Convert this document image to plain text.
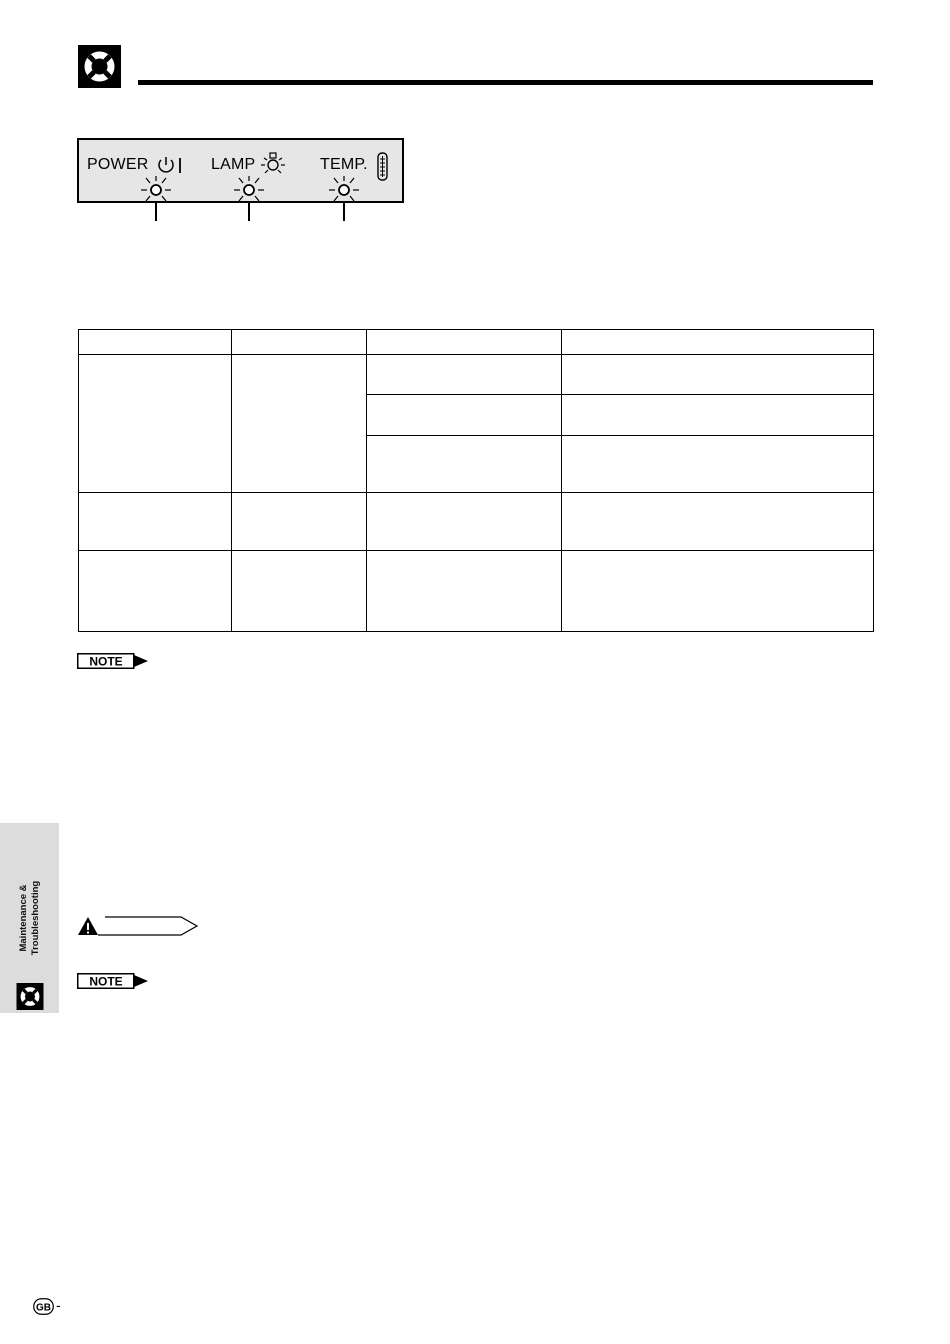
POWER	LAMP	TEMP.

NOTE
NOTE
Maintenance & Troubleshooting
GB -
